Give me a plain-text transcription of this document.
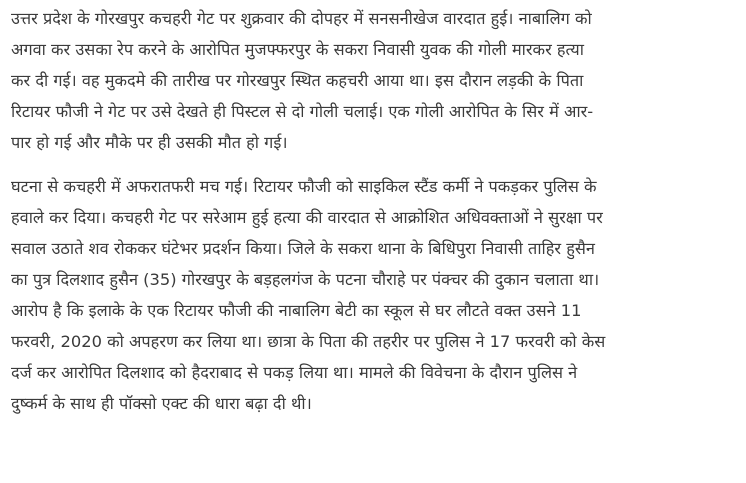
उत्तर प्रदेश के गोरखपुर कचहरी गेट पर शुक्रवार की दोपहर में सनसनीखेज वारदात हुई। नाबालिग को
अगवा कर उसका रेप करने के आरोपित मुजफ्फरपुर के सकरा निवासी युवक की गोली मारकर हत्या
कर दी गई। वह मुकदमे की तारीख पर गोरखपुर स्थित कहचरी आया था। इस दौरान लड़की के पिता
रिटायर फौजी ने गेट पर उसे देखते ही पिस्टल से दो गोली चलाई। एक गोली आरोपित के सिर में आर-
पार हो गई और मौके पर ही उसकी मौत हो गई।

घटना से कचहरी में अफरातफरी मच गई। रिटायर फौजी को साइकिल स्टैंड कर्मी ने पकड़कर पुलिस के
हवाले कर दिया। कचहरी गेट पर सरेआम हुई हत्या की वारदात से आक्रोशित अधिवक्ताओं ने सुरक्षा पर
सवाल उठाते शव रोककर घंटेभर प्रदर्शन किया। जिले के सकरा थाना के बिधिपुरा निवासी ताहिर हुसैन
का पुत्र दिलशाद हुसैन (35) गोरखपुर के बड़हलगंज के पटना चौराहे पर पंक्चर की दुकान चलाता था।
आरोप है कि इलाके के एक रिटायर फौजी की नाबालिग बेटी का स्कूल से घर लौटते वक्त उसने 11
फरवरी, 2020 को अपहरण कर लिया था। छात्रा के पिता की तहरीर पर पुलिस ने 17 फरवरी को केस
दर्ज कर आरोपित दिलशाद को हैदराबाद से पकड़ लिया था। मामले की विवेचना के दौरान पुलिस ने
दुष्कर्म के साथ ही पॉक्सो एक्ट की धारा बढ़ा दी थी।
